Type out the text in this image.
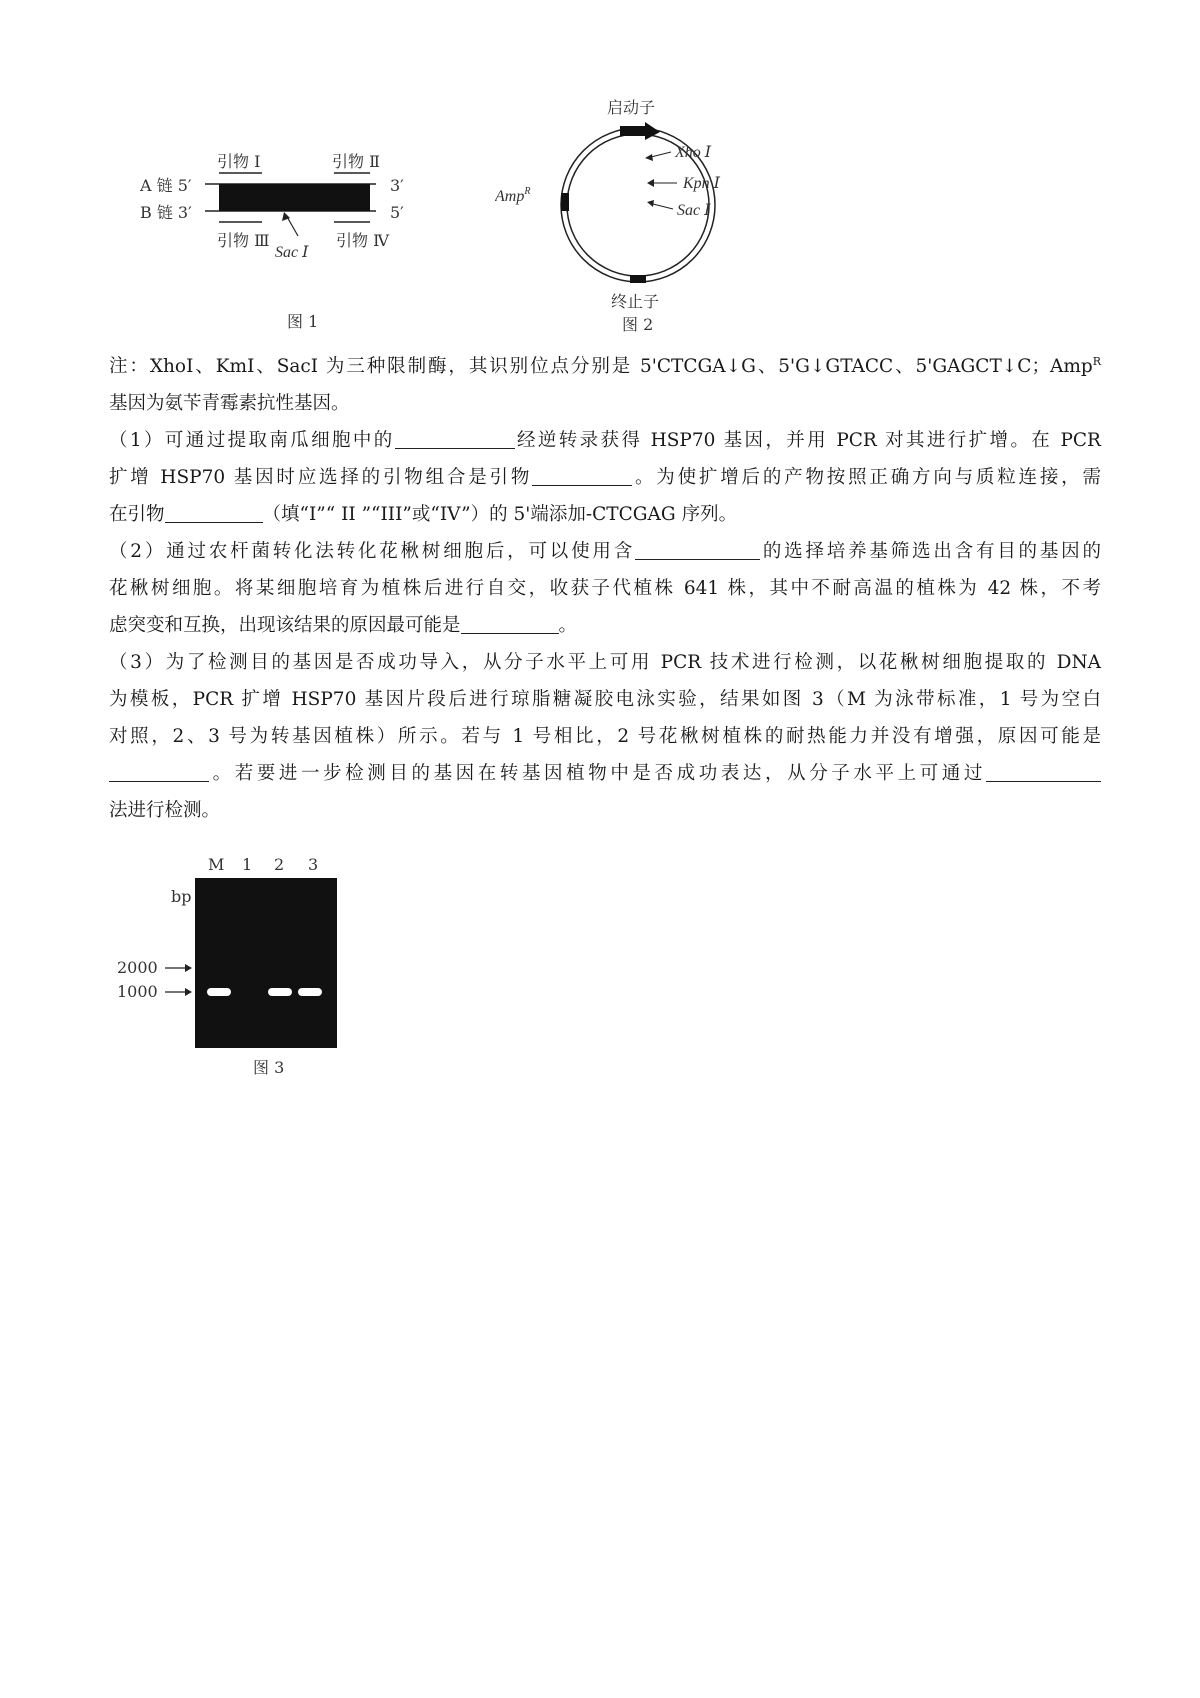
A 链 5′	3′
B 链 3′	5′
引物 Ⅰ	引物 Ⅱ
引物 Ⅲ	引物 Ⅳ
Sac Ⅰ
图 1
启动子
Amp$^R$
Xho Ⅰ
Kpn Ⅰ
Sac Ⅰ
终止子
图 2
注：XhoI、KmI、SacI 为三种限制酶，其识别位点分别是 5'CTCGA↓G、5'G↓GTACC、5'GAGCT↓C；Amp$^R$
基因为氨苄青霉素抗性基因。
（1）可通过提取南瓜细胞中的	经逆转录获得 HSP70 基因，并用 PCR 对其进行扩增。在 PCR
扩增 HSP70 基因时应选择的引物组合是引物	。为使扩增后的产物按照正确方向与质粒连接，需
在引物	（填“I”“ II ”“III”或“IV”）的 5'端添加-CTCGAG 序列。
（2）通过农杆菌转化法转化花楸树细胞后，可以使用含	的选择培养基筛选出含有目的基因的
花楸树细胞。将某细胞培育为植株后进行自交，收获子代植株 641 株，其中不耐高温的植株为 42 株，不考
虑突变和互换，出现该结果的原因最可能是	。
（3）为了检测目的基因是否成功导入，从分子水平上可用 PCR 技术进行检测，以花楸树细胞提取的 DNA
为模板，PCR 扩增 HSP70 基因片段后进行琼脂糖凝胶电泳实验，结果如图 3（M 为泳带标准，1 号为空白
对照，2、3 号为转基因植株）所示。若与 1 号相比，2 号花楸树植株的耐热能力并没有增强，原因可能是
。若要进一步检测目的基因在转基因植物中是否成功表达，从分子水平上可通过
法进行检测。
M 1 2 3
bp
2000
1000
图 3
